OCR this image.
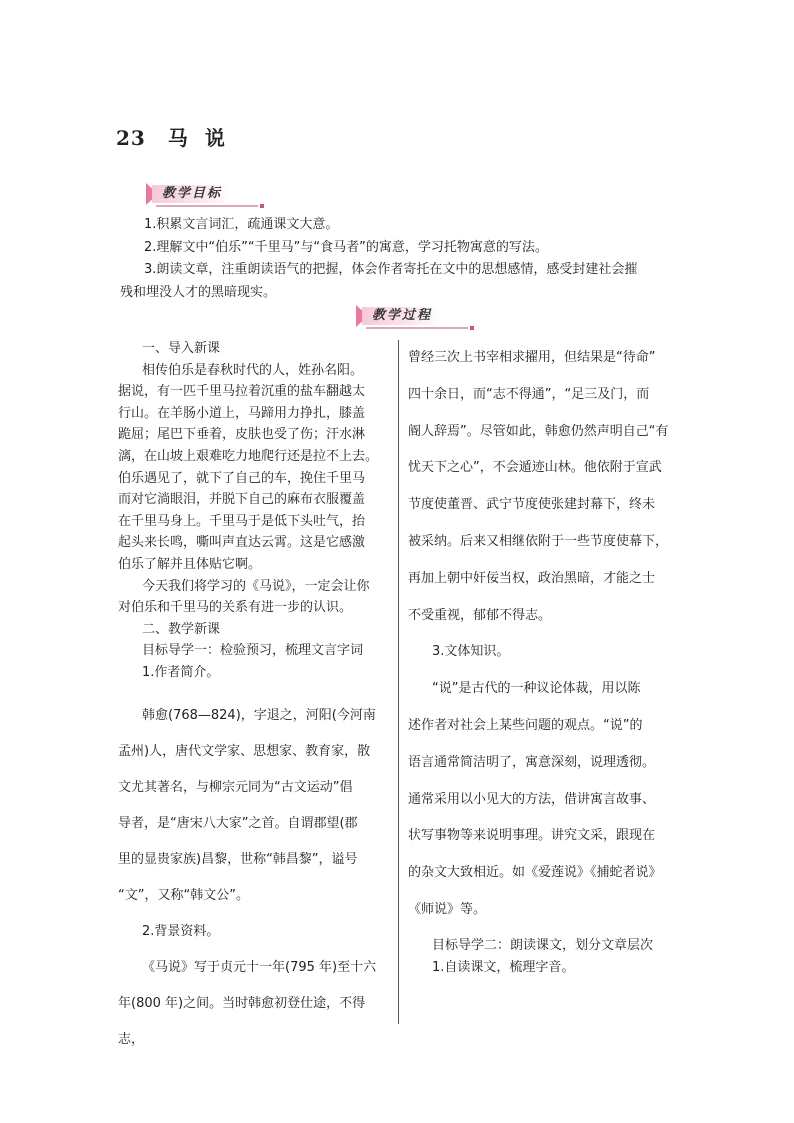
23 马 说
教学目标

1.积累文言词汇，疏通课文大意。

2.理解文中“伯乐”“千里马”与“食马者”的寓意，学习托物寓意的写法。

3.朗读文章，注重朗读语气的把握，体会作者寄托在文中的思想感情，感受封建社会摧

残和埋没人才的黑暗现实。

教学过程

一、导入新课

相传伯乐是春秋时代的人，姓孙名阳。

据说，有一匹千里马拉着沉重的盐车翻越太

行山。在羊肠小道上，马蹄用力挣扎，膝盖

跪屈；尾巴下垂着，皮肤也受了伤；汗水淋

漓，在山坡上艰难吃力地爬行还是拉不上去。

伯乐遇见了，就下了自己的车，挽住千里马

而对它淌眼泪，并脱下自己的麻布衣服覆盖

在千里马身上。千里马于是低下头吐气，抬

起头来长鸣，嘶叫声直达云霄。这是它感激

伯乐了解并且体贴它啊。

今天我们将学习的《马说》，一定会让你

对伯乐和千里马的关系有进一步的认识。

二、教学新课

目标导学一：检验预习，梳理文言字词

1.作者简介。

韩愈(768—824)，字退之，河阳(今河南

孟州)人，唐代文学家、思想家、教育家，散

文尤其著名，与柳宗元同为“古文运动”倡

导者，是“唐宋八大家”之首。自谓郡望(郡

里的显贵家族)昌黎，世称“韩昌黎”，谥号

“文”，又称“韩文公”。

2.背景资料。

《马说》写于贞元十一年(795 年)至十六

年(800 年)之间。当时韩愈初登仕途，不得志，

曾经三次上书宰相求擢用，但结果是“待命”

四十余日，而“志不得通”，“足三及门，而

阍人辞焉”。尽管如此，韩愈仍然声明自己“有

忧天下之心”，不会遁迹山林。他依附于宣武

节度使董晋、武宁节度使张建封幕下，终未

被采纳。后来又相继依附于一些节度使幕下，

再加上朝中奸佞当权，政治黑暗，才能之士

不受重视，郁郁不得志。

3.文体知识。

“说”是古代的一种议论体裁，用以陈

述作者对社会上某些问题的观点。“说”的

语言通常简洁明了，寓意深刻，说理透彻。

通常采用以小见大的方法，借讲寓言故事、

状写事物等来说明事理。讲究文采，跟现在

的杂文大致相近。如《爱莲说》《捕蛇者说》

《师说》等。

目标导学二：朗读课文，划分文章层次

1.自读课文，梳理字音。
